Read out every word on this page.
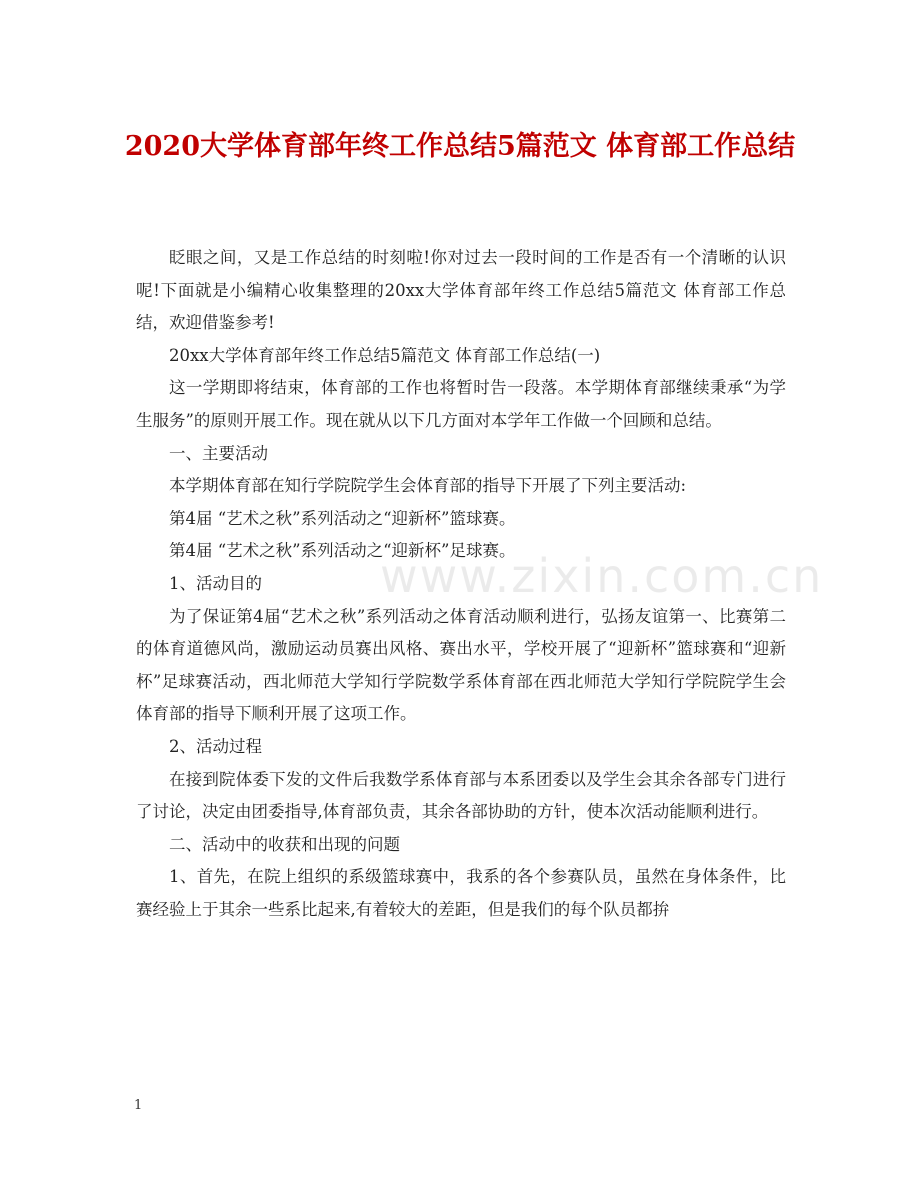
2020大学体育部年终工作总结5篇范文 体育部工作总结

眨眼之间，又是工作总结的时刻啦!你对过去一段时间的工作是否有一个清晰的认识呢!下面就是小编精心收集整理的20xx大学体育部年终工作总结5篇范文 体育部工作总结，欢迎借鉴参考!

20xx大学体育部年终工作总结5篇范文 体育部工作总结(一)

这一学期即将结束，体育部的工作也将暂时告一段落。本学期体育部继续秉承“为学生服务”的原则开展工作。现在就从以下几方面对本学年工作做一个回顾和总结。

一、主要活动

本学期体育部在知行学院院学生会体育部的指导下开展了下列主要活动:

第4届 “艺术之秋”系列活动之“迎新杯”篮球赛。

第4届 “艺术之秋”系列活动之“迎新杯”足球赛。

1、活动目的

为了保证第4届“艺术之秋”系列活动之体育活动顺利进行，弘扬友谊第一、比赛第二的体育道德风尚，激励运动员赛出风格、赛出水平，学校开展了“迎新杯”篮球赛和“迎新杯”足球赛活动，西北师范大学知行学院数学系体育部在西北师范大学知行学院院学生会体育部的指导下顺利开展了这项工作。

2、活动过程

在接到院体委下发的文件后我数学系体育部与本系团委以及学生会其余各部专门进行了讨论，决定由团委指导,体育部负责，其余各部协助的方针，使本次活动能顺利进行。

二、活动中的收获和出现的问题

1、首先，在院上组织的系级篮球赛中，我系的各个参赛队员，虽然在身体条件，比赛经验上于其余一些系比起来,有着较大的差距，但是我们的每个队员都拚

www.zixin.com.cn
1
